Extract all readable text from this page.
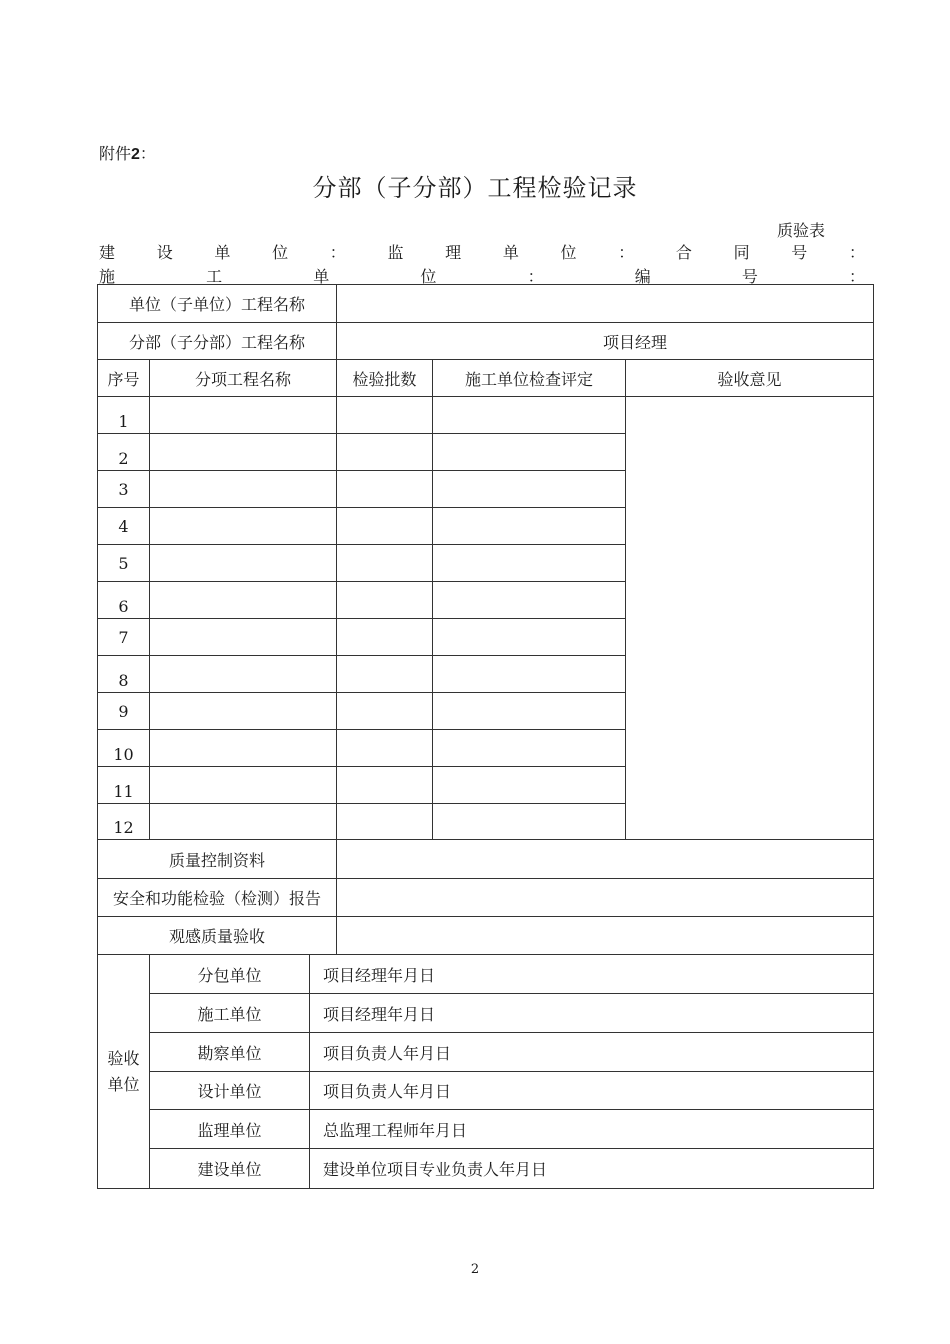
附件2：
分部（子分部）工程检验记录
质验表
建	设	单	位	：	监	理	单	位	：	合	同	号	：
施	工	单	位	：	编	号	：
单位（子单位）工程名称					
分部（子分部）工程名称			项目经理		
序号	分项工程名称		检验批数	施工单位检查评定	验收意见
1					
2					
3					
4					
5					
6					
7					
8					
9					
10					
11					
12					
质量控制资料					
安全和功能检验（检测）报告					
观感质量验收					
验收单位	分包单位	项目经理年月日			
	施工单位	项目经理年月日			
	勘察单位	项目负责人年月日			
	设计单位	项目负责人年月日			
	监理单位	总监理工程师年月日			
	建设单位	建设单位项目专业负责人年月日			
2
